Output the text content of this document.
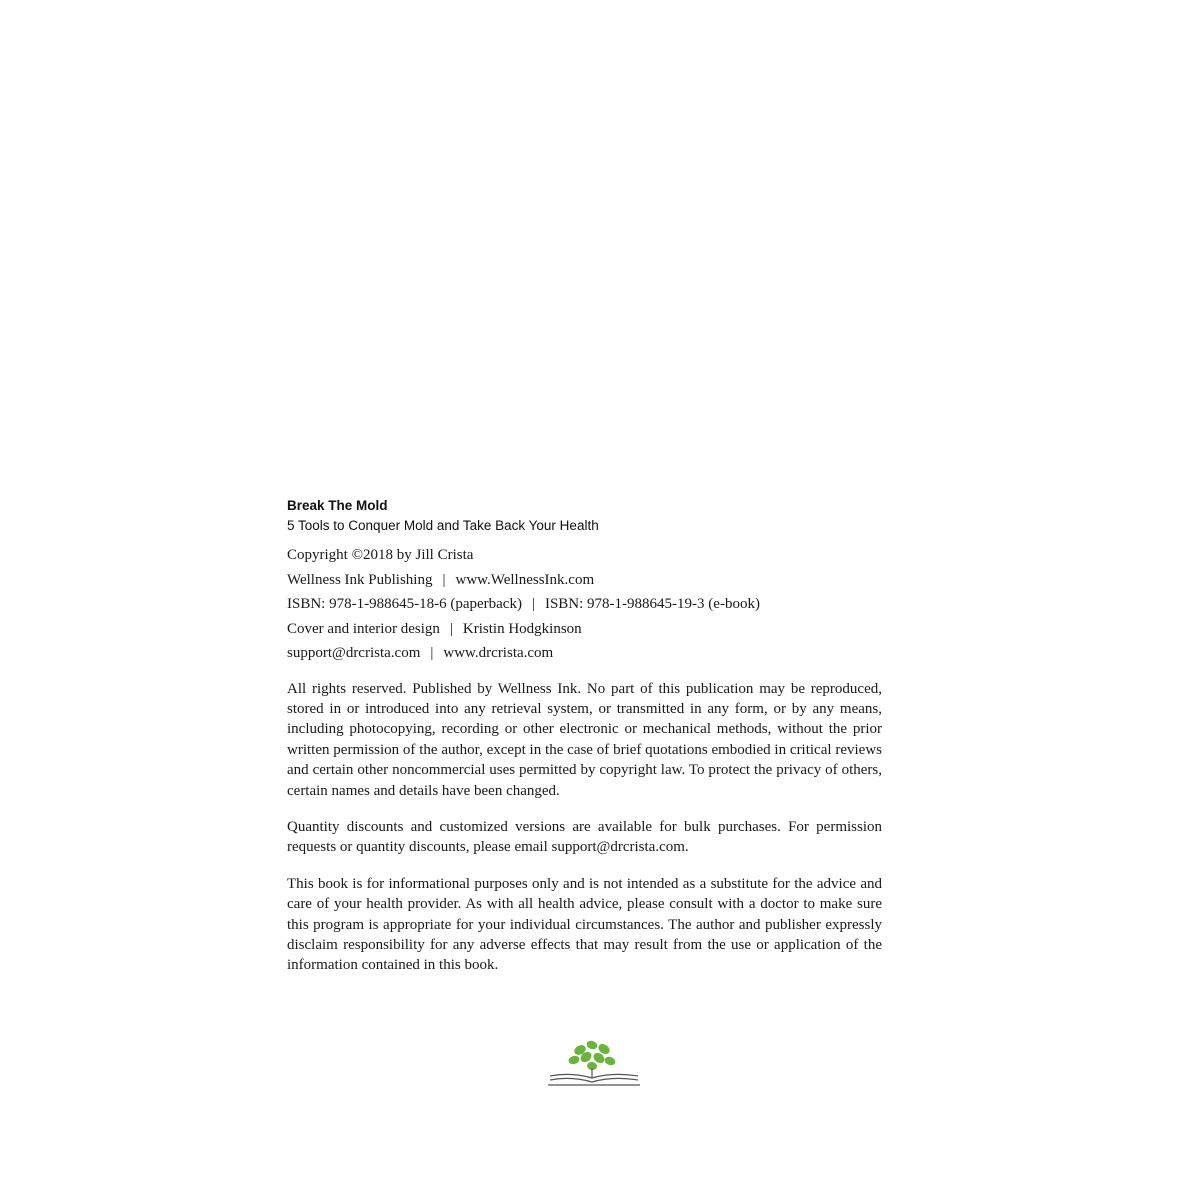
Break The Mold

5 Tools to Conquer Mold and Take Back Your Health

Copyright ©2018 by Jill Crista

Wellness Ink Publishing | www.WellnessInk.com

ISBN: 978-1-988645-18-6 (paperback) | ISBN: 978-1-988645-19-3 (e-book)

Cover and interior design | Kristin Hodgkinson

support@drcrista.com | www.drcrista.com

All rights reserved. Published by Wellness Ink. No part of this publication may be reproduced, stored in or introduced into any retrieval system, or transmitted in any form, or by any means, including photocopying, recording or other electronic or mechanical methods, without the prior written permission of the author, except in the case of brief quotations embodied in critical reviews and certain other noncommercial uses permitted by copyright law. To protect the privacy of others, certain names and details have been changed.

Quantity discounts and customized versions are available for bulk purchases. For permission requests or quantity discounts, please email support@drcrista.com.

This book is for informational purposes only and is not intended as a substitute for the advice and care of your health provider. As with all health advice, please consult with a doctor to make sure this program is appropriate for your individual circumstances. The author and publisher expressly disclaim responsibility for any adverse effects that may result from the use or application of the information contained in this book.
